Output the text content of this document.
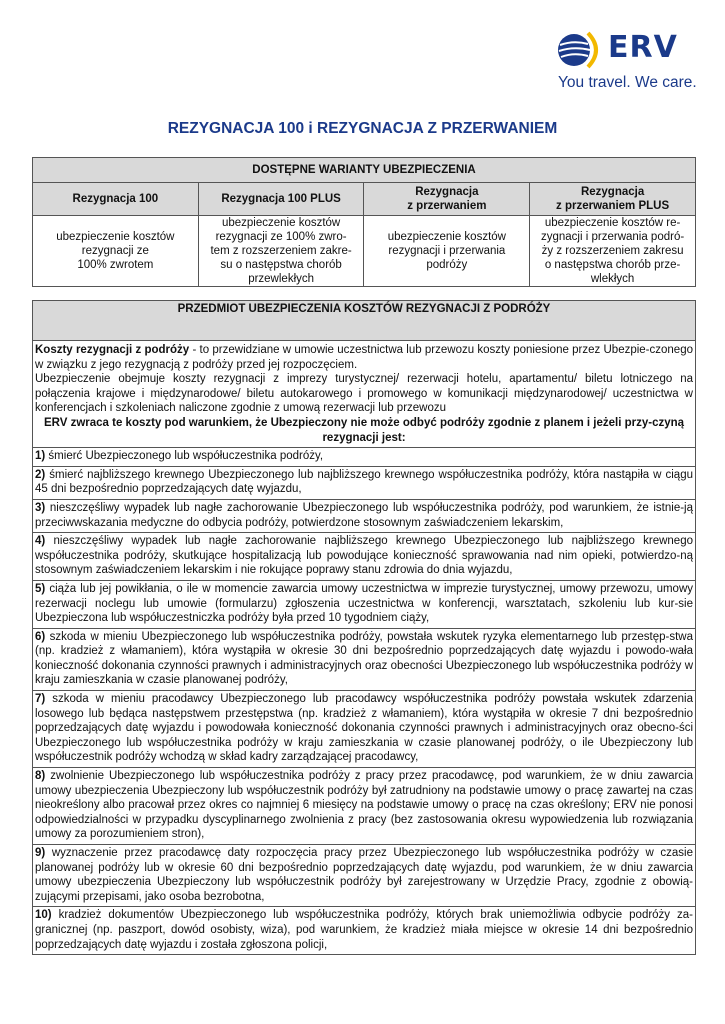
ERV
You travel. We care.
REZYGNACJA 100 i REZYGNACJA Z PRZERWANIEM
DOSTĘPNE WARIANTY UBEZPIECZENIA			
Rezygnacja 100	Rezygnacja 100 PLUS	Rezygnacja
z przerwaniem	Rezygnacja
z przerwaniem PLUS
ubezpieczenie kosztów
rezygnacji ze
100% zwrotem	ubezpieczenie kosztów
rezygnacji ze 100% zwro-
tem z rozszerzeniem zakre-
su o następstwa chorób
przewlekłych	ubezpieczenie kosztów
rezygnacji i przerwania
podróży	ubezpieczenie kosztów re-
zygnacji i przerwania podró-
ży z rozszerzeniem zakresu
o następstwa chorób prze-
wlekłych
PRZEDMIOT UBEZPIECZENIA KOSZTÓW REZYGNACJI Z PODRÓŻY
Koszty rezygnacji z podróży - to przewidziane w umowie uczestnictwa lub przewozu koszty poniesione przez Ubezpie-czonego w związku z jego rezygnacją z podróży przed jej rozpoczęciem.
Ubezpieczenie obejmuje koszty rezygnacji z imprezy turystycznej/ rezerwacji hotelu, apartamentu/ biletu lotniczego na połączenia krajowe i międzynarodowe/ biletu autokarowego i promowego w komunikacji międzynarodowej/ uczestnictwa w konferencjach i szkoleniach naliczone zgodnie z umową rezerwacji lub przewozu
ERV zwraca te koszty pod warunkiem, że Ubezpieczony nie może odbyć podróży zgodnie z planem i jeżeli przy-czyną rezygnacji jest:

1) śmierć Ubezpieczonego lub współuczestnika podróży,
2) śmierć najbliższego krewnego Ubezpieczonego lub najbliższego krewnego współuczestnika podróży, która nastąpiła w ciągu 45 dni bezpośrednio poprzedzających datę wyjazdu,
3) nieszczęśliwy wypadek lub nagłe zachorowanie Ubezpieczonego lub współuczestnika podróży, pod warunkiem, że istnie-ją przeciwwskazania medyczne do odbycia podróży, potwierdzone stosownym zaświadczeniem lekarskim,
4) nieszczęśliwy wypadek lub nagłe zachorowanie najbliższego krewnego Ubezpieczonego lub najbliższego krewnego współuczestnika podróży, skutkujące hospitalizacją lub powodujące konieczność sprawowania nad nim opieki, potwierdzo-ną stosownym zaświadczeniem lekarskim i nie rokujące poprawy stanu zdrowia do dnia wyjazdu,
5) ciąża lub jej powikłania, o ile w momencie zawarcia umowy uczestnictwa w imprezie turystycznej, umowy przewozu, umowy rezerwacji noclegu lub umowie (formularzu) zgłoszenia uczestnictwa w konferencji, warsztatach, szkoleniu lub kur-sie Ubezpieczona lub współuczestniczka podróży była przed 10 tygodniem ciąży,
6) szkoda w mieniu Ubezpieczonego lub współuczestnika podróży, powstała wskutek ryzyka elementarnego lub przestęp-stwa (np. kradzież z włamaniem), która wystąpiła w okresie 30 dni bezpośrednio poprzedzających datę wyjazdu i powodo-wała konieczność dokonania czynności prawnych i administracyjnych oraz obecności Ubezpieczonego lub współuczestnika podróży w kraju zamieszkania w czasie planowanej podróży,
7) szkoda w mieniu pracodawcy Ubezpieczonego lub pracodawcy współuczestnika podróży powstała wskutek zdarzenia losowego lub będąca następstwem przestępstwa (np. kradzież z włamaniem), która wystąpiła w okresie 7 dni bezpośrednio poprzedzających datę wyjazdu i powodowała konieczność dokonania czynności prawnych i administracyjnych oraz obecno-ści Ubezpieczonego lub współuczestnika podróży w kraju zamieszkania w czasie planowanej podróży, o ile Ubezpieczony lub współuczestnik podróży wchodzą w skład kadry zarządzającej pracodawcy,
8) zwolnienie Ubezpieczonego lub współuczestnika podróży z pracy przez pracodawcę, pod warunkiem, że w dniu zawarcia umowy ubezpieczenia Ubezpieczony lub współuczestnik podróży był zatrudniony na podstawie umowy o pracę zawartej na czas nieokreślony albo pracował przez okres co najmniej 6 miesięcy na podstawie umowy o pracę na czas określony; ERV nie ponosi odpowiedzialności w przypadku dyscyplinarnego zwolnienia z pracy (bez zastosowania okresu wypowiedzenia lub rozwiązania umowy za porozumieniem stron),
9) wyznaczenie przez pracodawcę daty rozpoczęcia pracy przez Ubezpieczonego lub współuczestnika podróży w czasie planowanej podróży lub w okresie 60 dni bezpośrednio poprzedzających datę wyjazdu, pod warunkiem, że w dniu zawarcia umowy ubezpieczenia Ubezpieczony lub współuczestnik podróży był zarejestrowany w Urzędzie Pracy, zgodnie z obowią-zującymi przepisami, jako osoba bezrobotna,
10) kradzież dokumentów Ubezpieczonego lub współuczestnika podróży, których brak uniemożliwia odbycie podróży za-granicznej (np. paszport, dowód osobisty, wiza), pod warunkiem, że kradzież miała miejsce w okresie 14 dni bezpośrednio poprzedzających datę wyjazdu i została zgłoszona policji,
